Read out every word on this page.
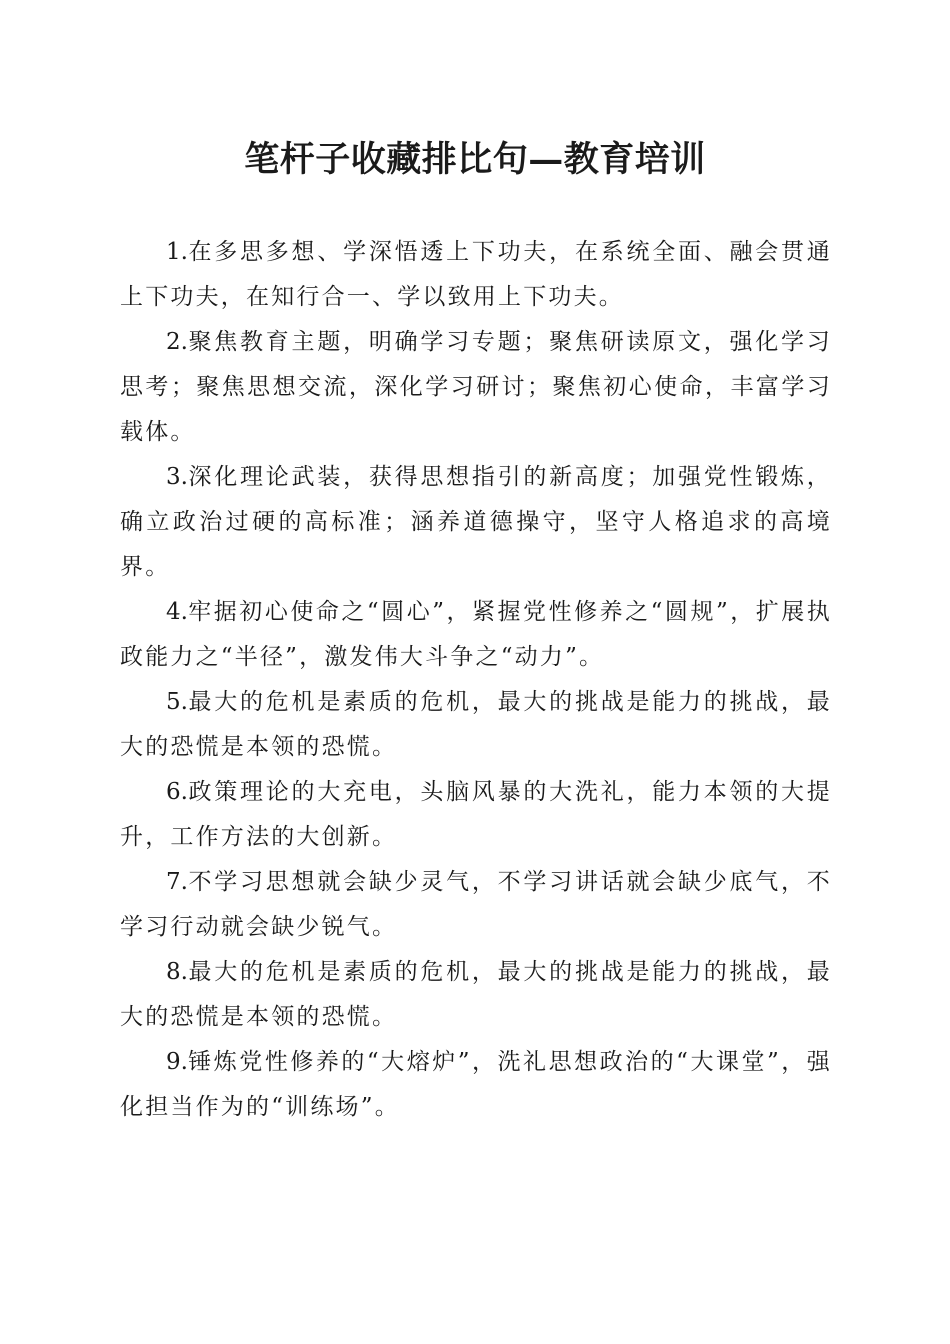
笔杆子收藏排比句—教育培训

1.在多思多想、学深悟透上下功夫，在系统全面、融会贯通上下功夫，在知行合一、学以致用上下功夫。

2.聚焦教育主题，明确学习专题；聚焦研读原文，强化学习思考；聚焦思想交流，深化学习研讨；聚焦初心使命，丰富学习载体。

3.深化理论武装，获得思想指引的新高度；加强党性锻炼，确立政治过硬的高标准；涵养道德操守，坚守人格追求的高境界。

4.牢据初心使命之“圆心”，紧握党性修养之“圆规”，扩展执政能力之“半径”，激发伟大斗争之“动力”。

5.最大的危机是素质的危机，最大的挑战是能力的挑战，最大的恐慌是本领的恐慌。

6.政策理论的大充电，头脑风暴的大洗礼，能力本领的大提升，工作方法的大创新。

7.不学习思想就会缺少灵气，不学习讲话就会缺少底气，不学习行动就会缺少锐气。

8.最大的危机是素质的危机，最大的挑战是能力的挑战，最大的恐慌是本领的恐慌。

9.锤炼党性修养的“大熔炉”，洗礼思想政治的“大课堂”，强化担当作为的“训练场”。
